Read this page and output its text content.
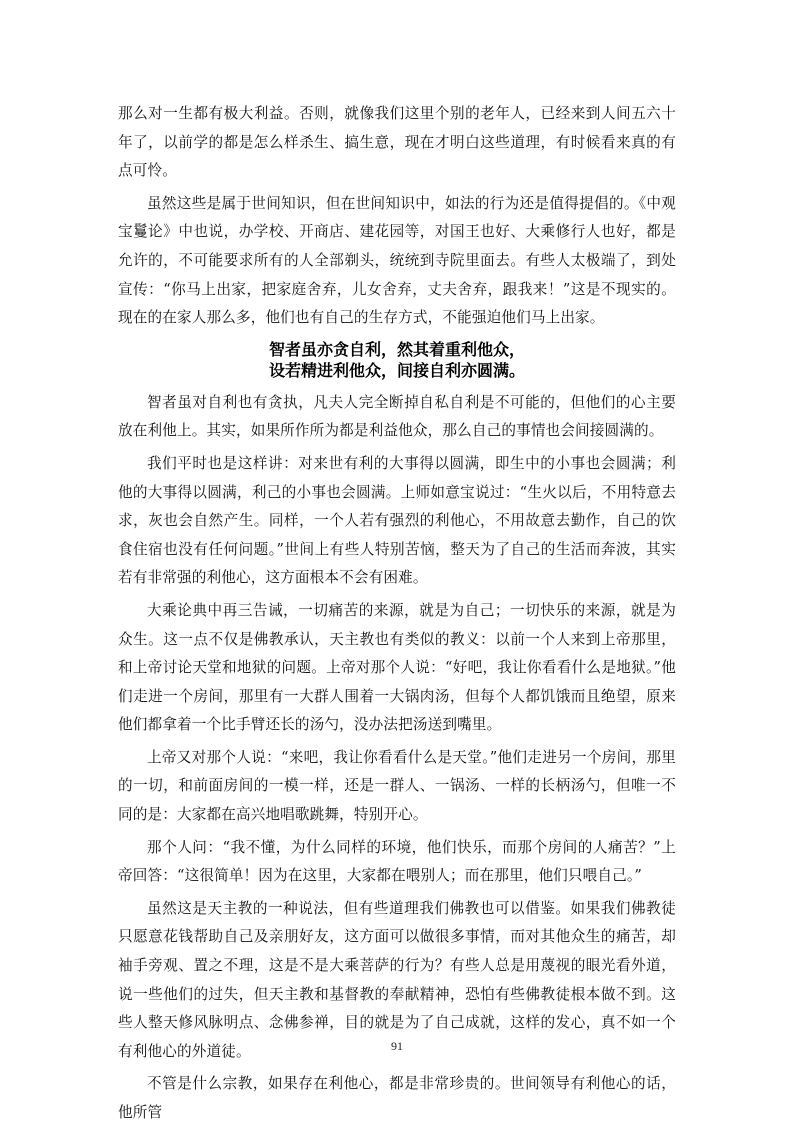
那么对一生都有极大利益。否则，就像我们这里个别的老年人，已经来到人间五六十年了，以前学的都是怎么样杀生、搞生意，现在才明白这些道理，有时候看来真的有点可怜。

虽然这些是属于世间知识，但在世间知识中，如法的行为还是值得提倡的。《中观宝鬘论》中也说，办学校、开商店、建花园等，对国王也好、大乘修行人也好，都是允许的，不可能要求所有的人全部剃头，统统到寺院里面去。有些人太极端了，到处宣传：“你马上出家，把家庭舍弃，儿女舍弃，丈夫舍弃，跟我来！”这是不现实的。现在的在家人那么多，他们也有自己的生存方式，不能强迫他们马上出家。

智者虽亦贪自利，然其着重利他众，
设若精进利他众，间接自利亦圆满。

智者虽对自利也有贪执，凡夫人完全断掉自私自利是不可能的，但他们的心主要放在利他上。其实，如果所作所为都是利益他众，那么自己的事情也会间接圆满的。

我们平时也是这样讲：对来世有利的大事得以圆满，即生中的小事也会圆满；利他的大事得以圆满，利己的小事也会圆满。上师如意宝说过：“生火以后，不用特意去求，灰也会自然产生。同样，一个人若有强烈的利他心，不用故意去勤作，自己的饮食住宿也没有任何问题。”世间上有些人特别苦恼，整天为了自己的生活而奔波，其实若有非常强的利他心，这方面根本不会有困难。

大乘论典中再三告诫，一切痛苦的来源，就是为自己；一切快乐的来源，就是为众生。这一点不仅是佛教承认，天主教也有类似的教义：以前一个人来到上帝那里，和上帝讨论天堂和地狱的问题。上帝对那个人说：“好吧，我让你看看什么是地狱。”他们走进一个房间，那里有一大群人围着一大锅肉汤，但每个人都饥饿而且绝望，原来他们都拿着一个比手臂还长的汤勺，没办法把汤送到嘴里。

上帝又对那个人说：“来吧，我让你看看什么是天堂。”他们走进另一个房间，那里的一切，和前面房间的一模一样，还是一群人、一锅汤、一样的长柄汤勺，但唯一不同的是：大家都在高兴地唱歌跳舞，特别开心。

那个人问：“我不懂，为什么同样的环境，他们快乐，而那个房间的人痛苦？”上帝回答：“这很简单！因为在这里，大家都在喂别人；而在那里，他们只喂自己。”

虽然这是天主教的一种说法，但有些道理我们佛教也可以借鉴。如果我们佛教徒只愿意花钱帮助自己及亲朋好友，这方面可以做很多事情，而对其他众生的痛苦，却袖手旁观、置之不理，这是不是大乘菩萨的行为？有些人总是用蔑视的眼光看外道，说一些他们的过失，但天主教和基督教的奉献精神，恐怕有些佛教徒根本做不到。这些人整天修风脉明点、念佛参禅，目的就是为了自己成就，这样的发心，真不如一个有利他心的外道徒。

不管是什么宗教，如果存在利他心，都是非常珍贵的。世间领导有利他心的话，他所管

91
